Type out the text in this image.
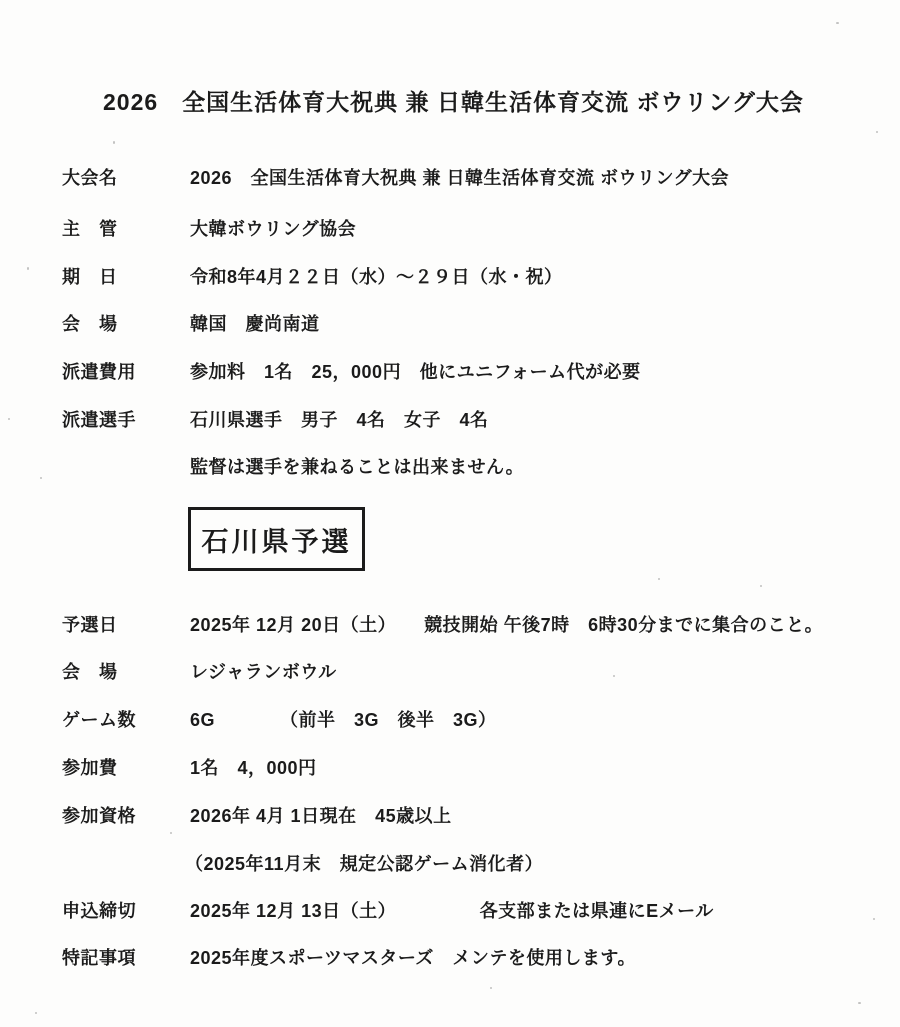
2026　全国生活体育大祝典 兼 日韓生活体育交流 ボウリング大会
大会名	2026　全国生活体育大祝典 兼 日韓生活体育交流 ボウリング大会
主　管	大韓ボウリング協会
期　日	令和8年4月２２日（水）～２９日（水・祝）
会　場	韓国　慶尚南道
派遣費用	参加料　1名　25，000円　他にユニフォーム代が必要
派遣選手	石川県選手　男子　4名　女子　4名
監督は選手を兼ねることは出来ません。
石川県予選
予選日	2025年 12月 20日（土）　　競技開始 午後7時　6時30分までに集合のこと。
会　場	レジャランボウル
ゲーム数	6G　　　　（前半　3G　後半　3G）
参加費	1名　4，000円
参加資格	2026年 4月 1日現在　45歳以上
（2025年11月末　規定公認ゲーム消化者）
申込締切	2025年 12月 13日（土）　　　　　各支部または県連にEメール
特記事項	2025年度スポーツマスターズ　メンテを使用します。
